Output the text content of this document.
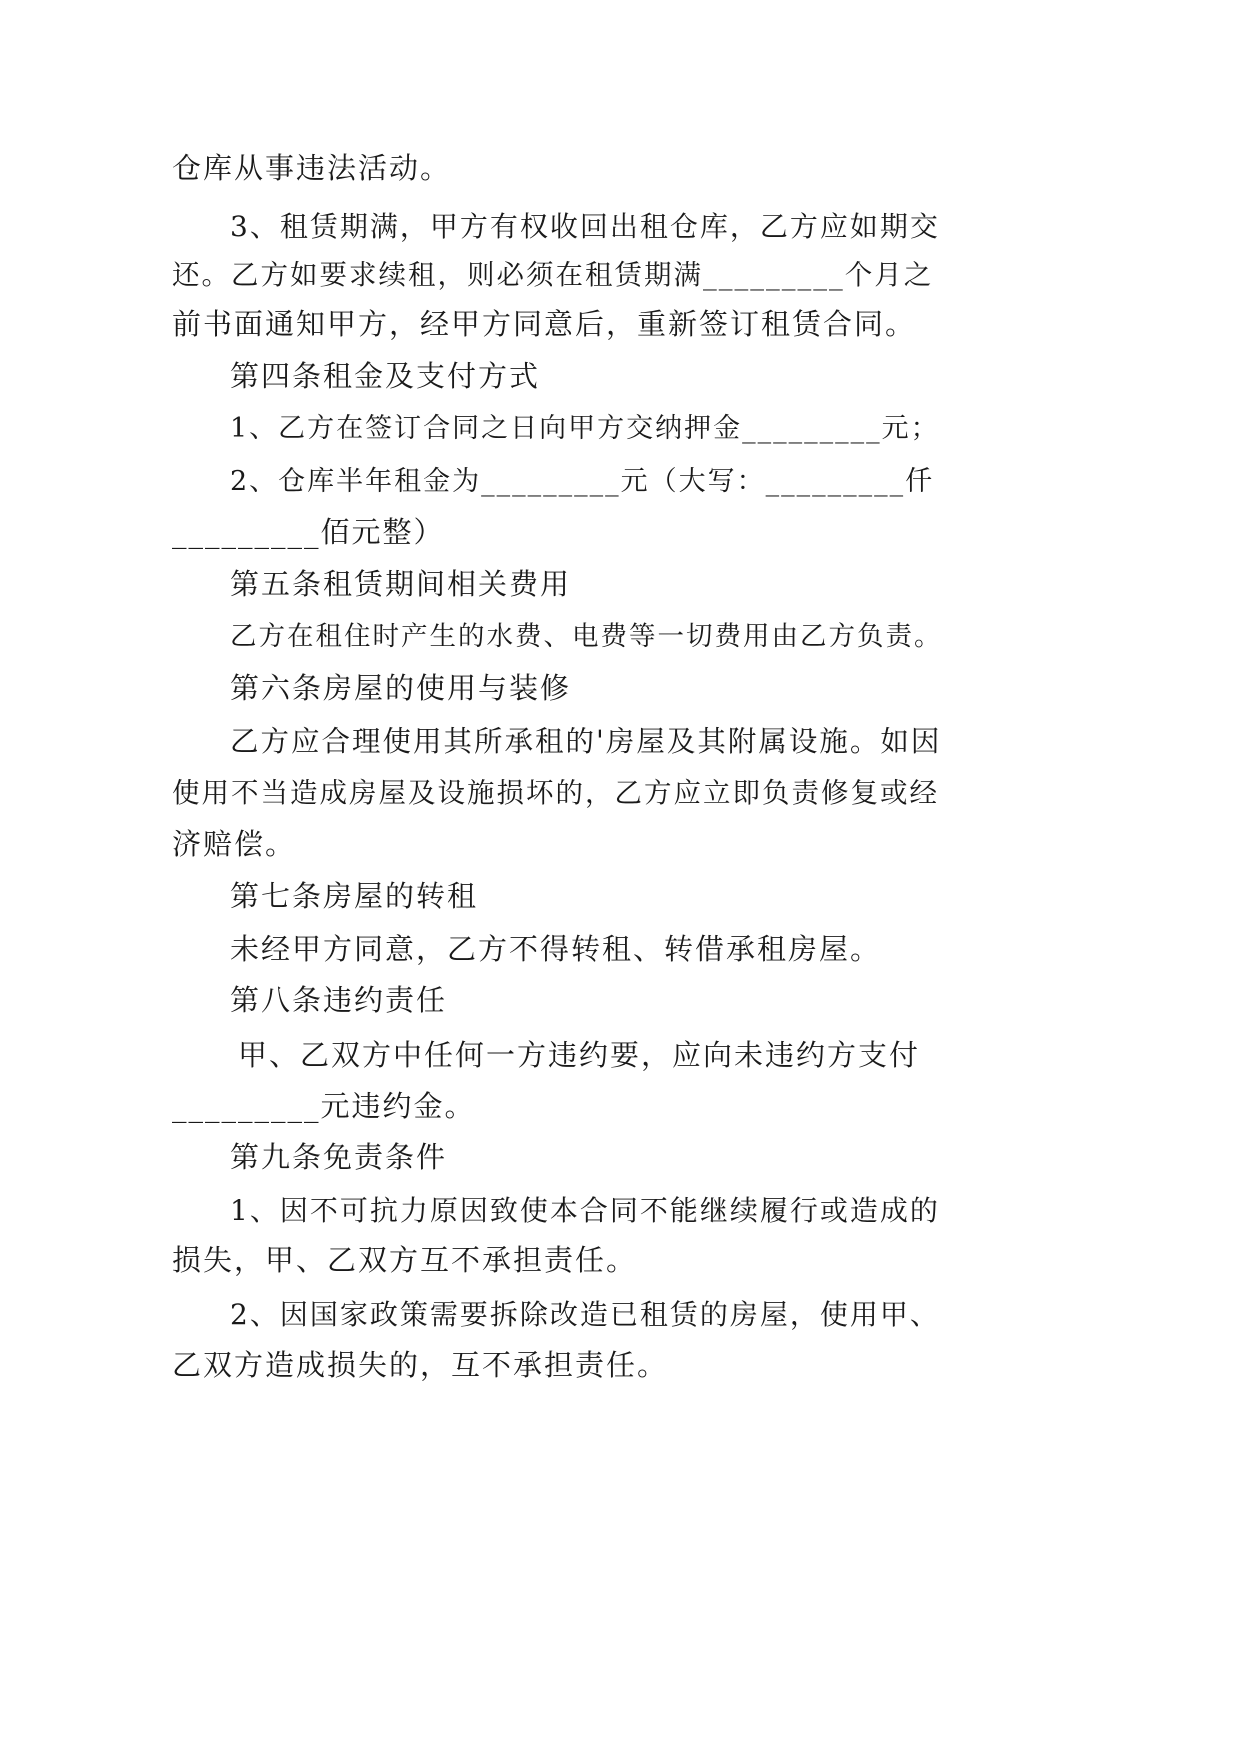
仓库从事违法活动。
3、租赁期满，甲方有权收回出租仓库，乙方应如期交
还。乙方如要求续租，则必须在租赁期满_________个月之
前书面通知甲方，经甲方同意后，重新签订租赁合同。
第四条租金及支付方式
1、乙方在签订合同之日向甲方交纳押金_________元；
2、仓库半年租金为_________元（大写：_________仟
_________佰元整）
第五条租赁期间相关费用
乙方在租住时产生的水费、电费等一切费用由乙方负责。
第六条房屋的使用与装修
乙方应合理使用其所承租的'房屋及其附属设施。如因
使用不当造成房屋及设施损坏的，乙方应立即负责修复或经
济赔偿。
第七条房屋的转租
未经甲方同意，乙方不得转租、转借承租房屋。
第八条违约责任
甲、乙双方中任何一方违约要，应向未违约方支付
_________元违约金。
第九条免责条件
1、因不可抗力原因致使本合同不能继续履行或造成的
损失，甲、乙双方互不承担责任。
2、因国家政策需要拆除改造已租赁的房屋，使用甲、
乙双方造成损失的，互不承担责任。
